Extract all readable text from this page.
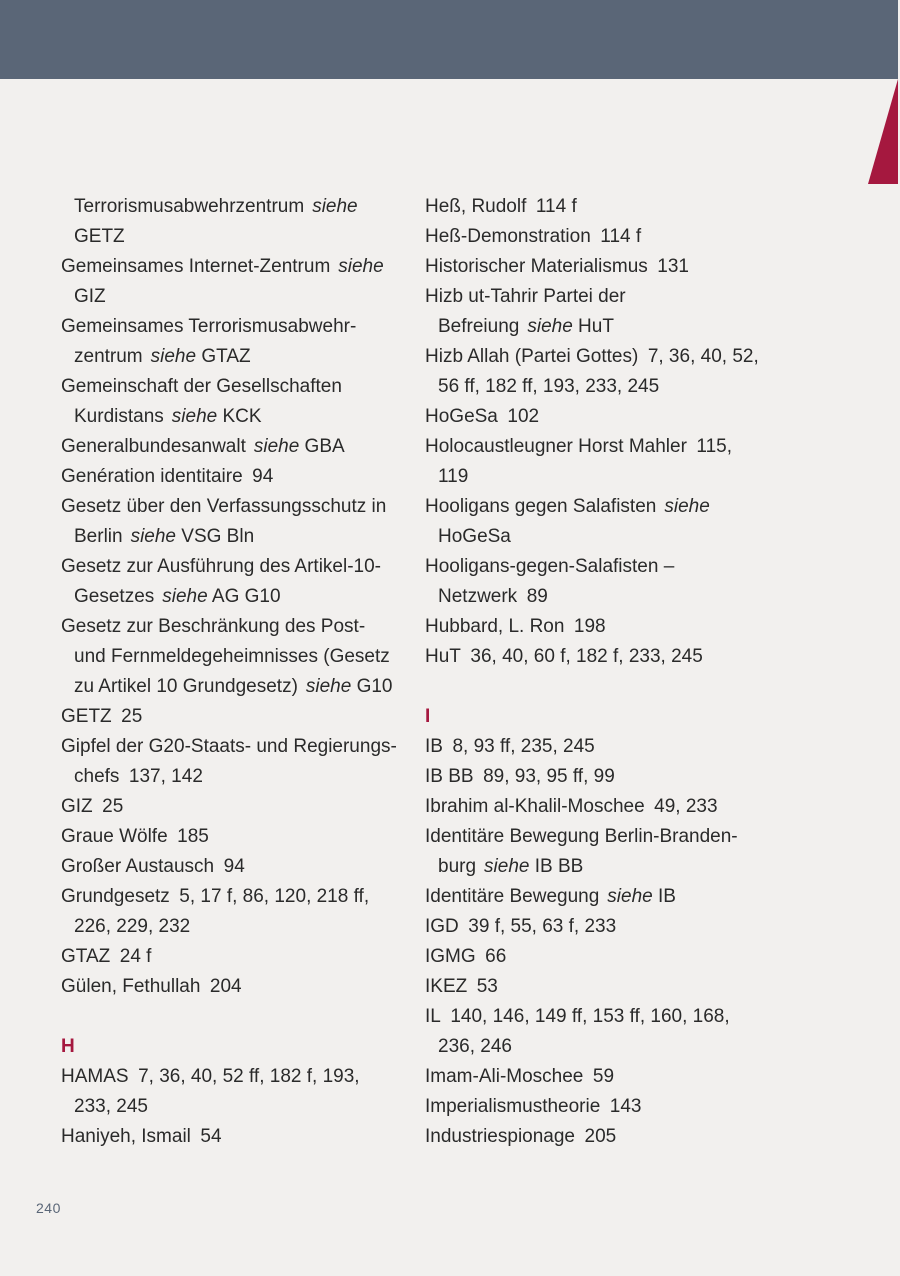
Terrorismusabwehrzentrum siehe GETZ
Gemeinsames Internet-Zentrum siehe GIZ
Gemeinsames Terrorismusabwehr-zentrum siehe GTAZ
Gemeinschaft der Gesellschaften Kurdistans siehe KCK
Generalbundesanwalt siehe GBA
Genération identitaire 94
Gesetz über den Verfassungsschutz in Berlin siehe VSG Bln
Gesetz zur Ausführung des Artikel-10-Gesetzes siehe AG G10
Gesetz zur Beschränkung des Post- und Fernmeldegeheimnisses (Gesetz zu Artikel 10 Grundgesetz) siehe G10
GETZ 25
Gipfel der G20-Staats- und Regierungs-chefs 137, 142
GIZ 25
Graue Wölfe 185
Großer Austausch 94
Grundgesetz 5, 17 f, 86, 120, 218 ff, 226, 229, 232
GTAZ 24 f
Gülen, Fethullah 204
H
HAMAS 7, 36, 40, 52 ff, 182 f, 193, 233, 245
Haniyeh, Ismail 54
Heß, Rudolf 114 f
Heß-Demonstration 114 f
Historischer Materialismus 131
Hizb ut-Tahrir Partei der Befreiung siehe HuT
Hizb Allah (Partei Gottes) 7, 36, 40, 52, 56 ff, 182 ff, 193, 233, 245
HoGeSa 102
Holocaustleugner Horst Mahler 115, 119
Hooligans gegen Salafisten siehe HoGeSa
Hooligans-gegen-Salafisten – Netzwerk 89
Hubbard, L. Ron 198
HuT 36, 40, 60 f, 182 f, 233, 245
I
IB 8, 93 ff, 235, 245
IB BB 89, 93, 95 ff, 99
Ibrahim al-Khalil-Moschee 49, 233
Identitäre Bewegung Berlin-Branden-burg siehe IB BB
Identitäre Bewegung siehe IB
IGD 39 f, 55, 63 f, 233
IGMG 66
IKEZ 53
IL 140, 146, 149 ff, 153 ff, 160, 168, 236, 246
Imam-Ali-Moschee 59
Imperialismustheorie 143
Industriespionage 205
240
